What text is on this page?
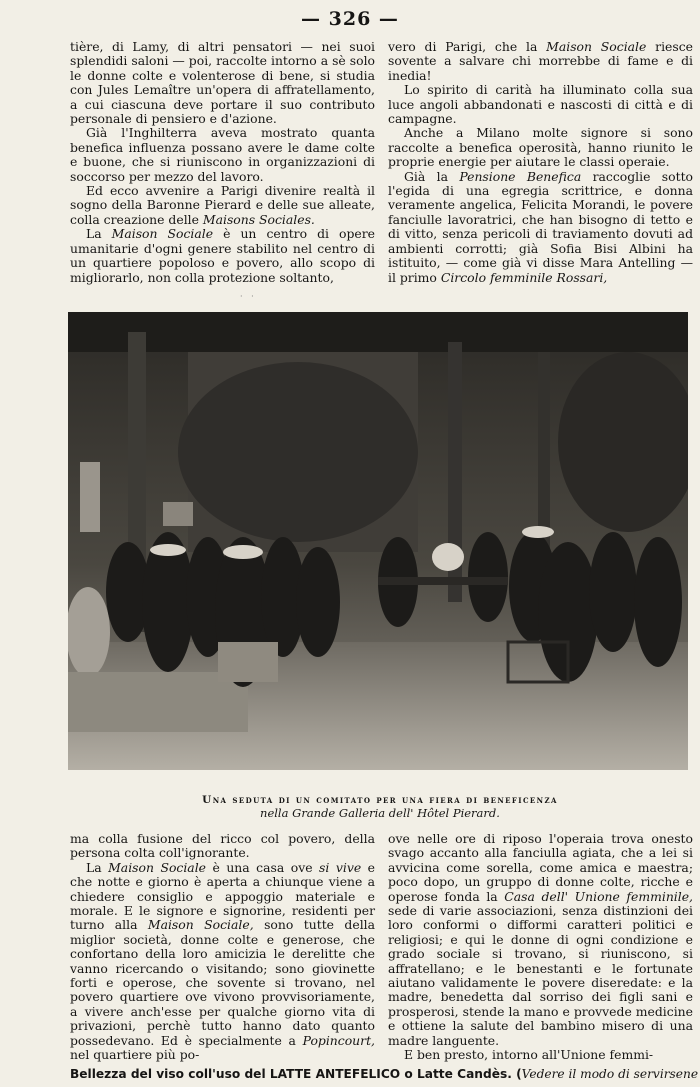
— 326 —

tière, di Lamy, di altri pensatori — nei suoi splendidi saloni — poi, raccolte intorno a sè solo le donne colte e volenterose di bene, si studia con Jules Lemaître un'opera di affratellamento, a cui ciascuna deve portare il suo contributo personale di pensiero e d'azione.

Già l'Inghilterra aveva mostrato quanta benefica influenza possano avere le dame colte e buone, che si riuniscono in organizzazioni di soccorso per mezzo del lavoro.

Ed ecco avvenire a Parigi divenire realtà il sogno della Baronne Pierard e delle sue alleate, colla creazione delle Maisons Sociales.

La Maison Sociale è un centro di opere umanitarie d'ogni genere stabilito nel centro di un quartiere popoloso e povero, allo scopo di migliorarlo, non colla protezione soltanto,

vero di Parigi, che la Maison Sociale riesce sovente a salvare chi morrebbe di fame e di inedia!

Lo spirito di carità ha illuminato colla sua luce angoli abbandonati e nascosti di città e di campagne.

Anche a Milano molte signore si sono raccolte a benefica operosità, hanno riunito le proprie energie per aiutare le classi operaie.

Già la Pensione Benefica raccoglie sotto l'egida di una egregia scrittrice, e donna veramente angelica, Felicita Morandi, le povere fanciulle lavoratrici, che han bisogno di tetto e di vitto, senza pericoli di traviamento dovuti ad ambienti corrotti; già Sofia Bisi Albini ha istituito, — come già vi disse Mara Antelling — il primo Circolo femminile Rossari,

· ·
Una seduta di un comitato per una fiera di beneficenza
nella Grande Galleria dell' Hôtel Pierard.

ma colla fusione del ricco col povero, della persona colta coll'ignorante.

La Maison Sociale è una casa ove si vive e che notte e giorno è aperta a chiunque viene a chiedere consiglio e appoggio materiale e morale. E le signore e signorine, residenti per turno alla Maison Sociale, sono tutte della miglior società, donne colte e generose, che confortano della loro amicizia le derelitte che vanno ricercando o visitando; sono giovinette forti e operose, che sovente si trovano, nel povero quartiere ove vivono provvisoriamente, a vivere anch'esse per qualche giorno vita di privazioni, perchè tutto hanno dato quanto possedevano. Ed è specialmente a Popincourt, nel quartiere più po-

ove nelle ore di riposo l'operaia trova onesto svago accanto alla fanciulla agiata, che a lei si avvicina come sorella, come amica e maestra; poco dopo, un gruppo di donne colte, ricche e operose fonda la Casa dell' Unione femminile, sede di varie associazioni, senza distinzioni dei loro conformi o difformi caratteri politici e religiosi; e qui le donne di ogni condizione e grado sociale si trovano, si riuniscono, si affratellano; e le benestanti e le fortunate aiutano validamente le povere diseredate: e la madre, benedetta dal sorriso dei figli sani e prosperosi, stende la mano e provvede medicine e ottiene la salute del bambino misero di una madre languente.

E ben presto, intorno all'Unione femmi-

Bellezza del viso coll'uso del LATTE ANTEFELICO o Latte Candès. (Vedere il modo di servirsene
